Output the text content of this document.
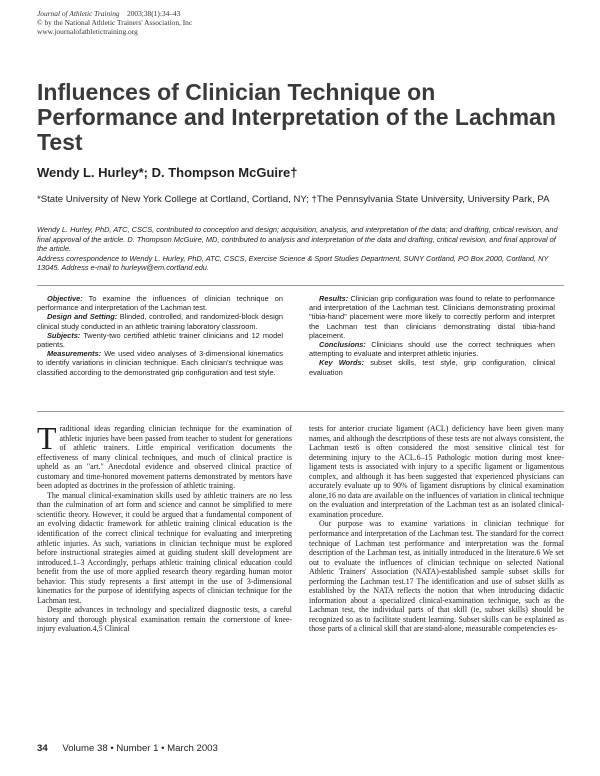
Journal of Athletic Training 2003;38(1):34–43
© by the National Athletic Trainers' Association, Inc
www.journalofathletictraining.org
Influences of Clinician Technique on Performance and Interpretation of the Lachman Test
Wendy L. Hurley*; D. Thompson McGuire†
*State University of New York College at Cortland, Cortland, NY; †The Pennsylvania State University, University Park, PA

Wendy L. Hurley, PhD, ATC, CSCS, contributed to conception and design; acquisition, analysis, and interpretation of the data; and drafting, critical revision, and final approval of the article. D. Thompson McGuire, MD, contributed to analysis and interpretation of the data and drafting, critical revision, and final approval of the article.

Address correspondence to Wendy L. Hurley, PhD, ATC, CSCS, Exercise Science & Sport Studies Department, SUNY Cortland, PO Box 2000, Cortland, NY 13045. Address e-mail to hurleyw@em.cortland.edu.

Objective: To examine the influences of clinician technique on performance and interpretation of the Lachman test.

Design and Setting: Blinded, controlled, and randomized-block design clinical study conducted in an athletic training laboratory classroom.

Subjects: Twenty-two certified athletic trainer clinicians and 12 model patients.

Measurements: We used video analyses of 3-dimensional kinematics to identify variations in clinician technique. Each clinician's technique was classified according to the demonstrated grip configuration and test style.

Results: Clinician grip configuration was found to relate to performance and interpretation of the Lachman test. Clinicians demonstrating proximal "tibia-hand" placement were more likely to correctly perform and interpret the Lachman test than clinicians demonstrating distal tibia-hand placement.

Conclusions: Clinicians should use the correct techniques when attempting to evaluate and interpret athletic injuries.

Key Words: subset skills, test style, grip configuration, clinical evaluation

Traditional ideas regarding clinician technique for the examination of athletic injuries have been passed from teacher to student for generations of athletic trainers. Little empirical verification documents the effectiveness of many clinical techniques, and much of clinical practice is upheld as an "art." Anecdotal evidence and observed clinical practice of customary and time-honored movement patterns demonstrated by mentors have been adopted as doctrines in the profession of athletic training.

The manual clinical-examination skills used by athletic trainers are no less than the culmination of art form and science and cannot be simplified to mere scientific theory. However, it could be argued that a fundamental component of an evolving didactic framework for athletic training clinical education is the identification of the correct clinical technique for evaluating and interpreting athletic injuries. As such, variations in clinician technique must be explored before instructional strategies aimed at guiding student skill development are introduced.1–3 Accordingly, perhaps athletic training clinical education could benefit from the use of more applied research theory regarding human motor behavior. This study represents a first attempt in the use of 3-dimensional kinematics for the purpose of identifying aspects of clinician technique for the Lachman test.

Despite advances in technology and specialized diagnostic tests, a careful history and thorough physical examination remain the cornerstone of knee-injury evaluation.4,5 Clinical

tests for anterior cruciate ligament (ACL) deficiency have been given many names, and although the descriptions of these tests are not always consistent, the Lachman test6 is often considered the most sensitive clinical test for determining injury to the ACL.6–15 Pathologic motion during most knee-ligament tests is associated with injury to a specific ligament or ligamentous complex, and although it has been suggested that experienced physicians can accurately evaluate up to 90% of ligament disruptions by clinical examination alone,16 no data are available on the influences of variation in clinical technique on the evaluation and interpretation of the Lachman test as an isolated clinical-examination procedure.

Our purpose was to examine variations in clinician technique for performance and interpretation of the Lachman test. The standard for the correct technique of Lachman test performance and interpretation was the formal description of the Lachman test, as initially introduced in the literature.6 We set out to evaluate the influences of clinician technique on selected National Athletic Trainers' Association (NATA)-established sample subset skills for performing the Lachman test.17 The identification and use of subset skills as established by the NATA reflects the notion that when introducing didactic information about a specialized clinical-examination technique, such as the Lachman test, the individual parts of that skill (ie, subset skills) should be recognized so as to facilitate student learning. Subset skills can be explained as those parts of a clinical skill that are stand-alone, measurable competencies es-

34 Volume 38 • Number 1 • March 2003
